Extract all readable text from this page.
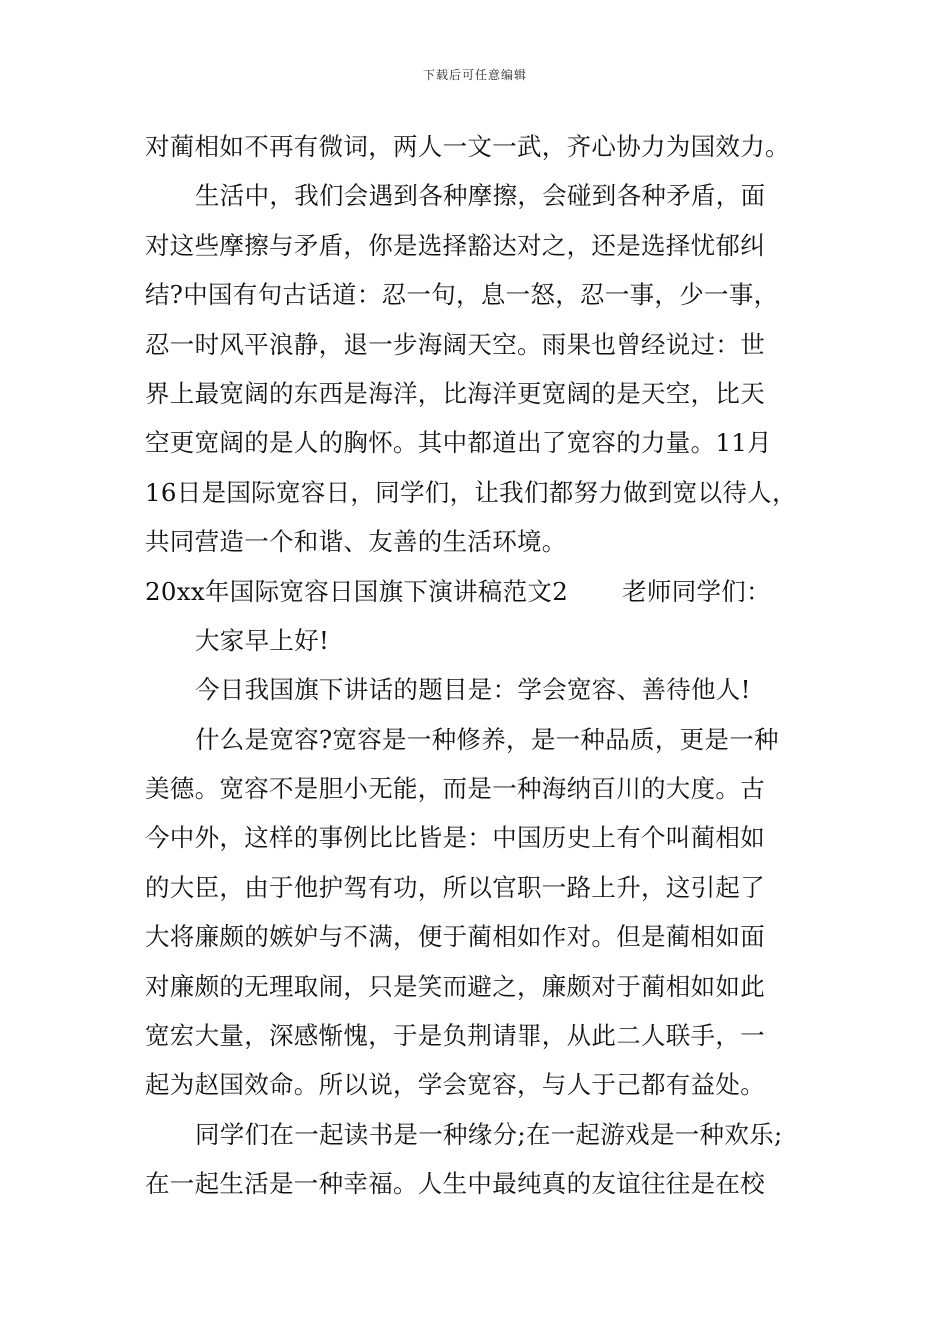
下载后可任意编辑
对蔺相如不再有微词，两人一文一武，齐心协力为国效力。
生活中，我们会遇到各种摩擦，会碰到各种矛盾，面
对这些摩擦与矛盾，你是选择豁达对之，还是选择忧郁纠
结?中国有句古话道：忍一句，息一怒，忍一事，少一事，
忍一时风平浪静，退一步海阔天空。雨果也曾经说过：世
界上最宽阔的东西是海洋，比海洋更宽阔的是天空，比天
空更宽阔的是人的胸怀。其中都道出了宽容的力量。11月
16日是国际宽容日，同学们，让我们都努力做到宽以待人，
共同营造一个和谐、友善的生活环境。
20xx年国际宽容日国旗下演讲稿范文2 老师同学们：
大家早上好!
今日我国旗下讲话的题目是：学会宽容、善待他人!
什么是宽容?宽容是一种修养，是一种品质，更是一种
美德。宽容不是胆小无能，而是一种海纳百川的大度。古
今中外，这样的事例比比皆是：中国历史上有个叫蔺相如
的大臣，由于他护驾有功，所以官职一路上升，这引起了
大将廉颇的嫉妒与不满，便于蔺相如作对。但是蔺相如面
对廉颇的无理取闹，只是笑而避之，廉颇对于蔺相如如此
宽宏大量，深感惭愧，于是负荆请罪，从此二人联手，一
起为赵国效命。所以说，学会宽容，与人于己都有益处。
同学们在一起读书是一种缘分;在一起游戏是一种欢乐;
在一起生活是一种幸福。人生中最纯真的友谊往往是在校
